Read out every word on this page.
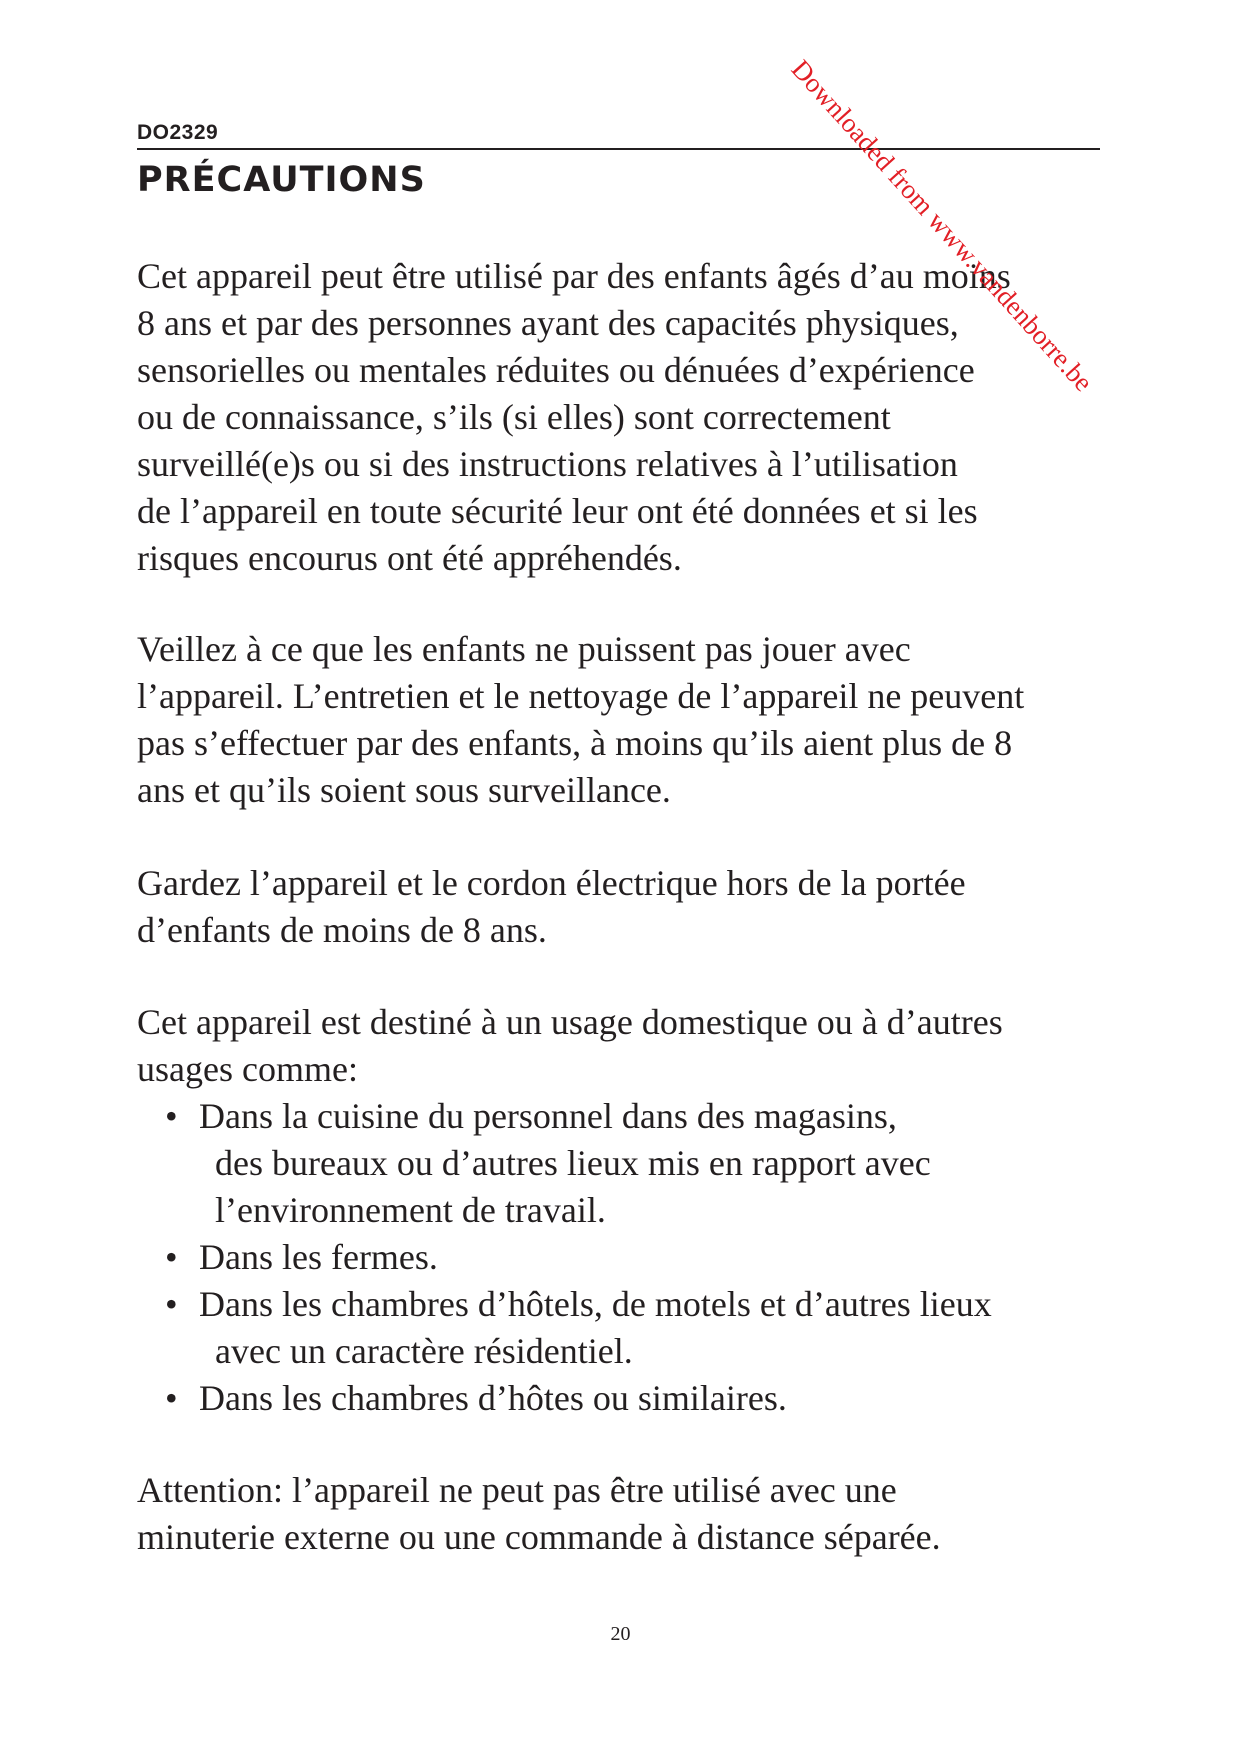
DO2329
PRÉCAUTIONS

Cet appareil peut être utilisé par des enfants âgés d’au moins
8 ans et par des personnes ayant des capacités physiques,
sensorielles ou mentales réduites ou dénuées d’expérience
ou de connaissance, s’ils (si elles) sont correctement
surveillé(e)s ou si des instructions relatives à l’utilisation
de l’appareil en toute sécurité leur ont été données et si les
risques encourus ont été appréhendés.

Veillez à ce que les enfants ne puissent pas jouer avec
l’appareil. L’entretien et le nettoyage de l’appareil ne peuvent
pas s’effectuer par des enfants, à moins qu’ils aient plus de 8
ans et qu’ils soient sous surveillance.

Gardez l’appareil et le cordon électrique hors de la portée
d’enfants de moins de 8 ans.

Cet appareil est destiné à un usage domestique ou à d’autres
usages comme:
• Dans la cuisine du personnel dans des magasins,
des bureaux ou d’autres lieux mis en rapport avec
l’environnement de travail.
• Dans les fermes.
• Dans les chambres d’hôtels, de motels et d’autres lieux
avec un caractère résidentiel.
• Dans les chambres d’hôtes ou similaires.

Attention: l’appareil ne peut pas être utilisé avec une
minuterie externe ou une commande à distance séparée.

20
Downloaded from www.vandenborre.be
